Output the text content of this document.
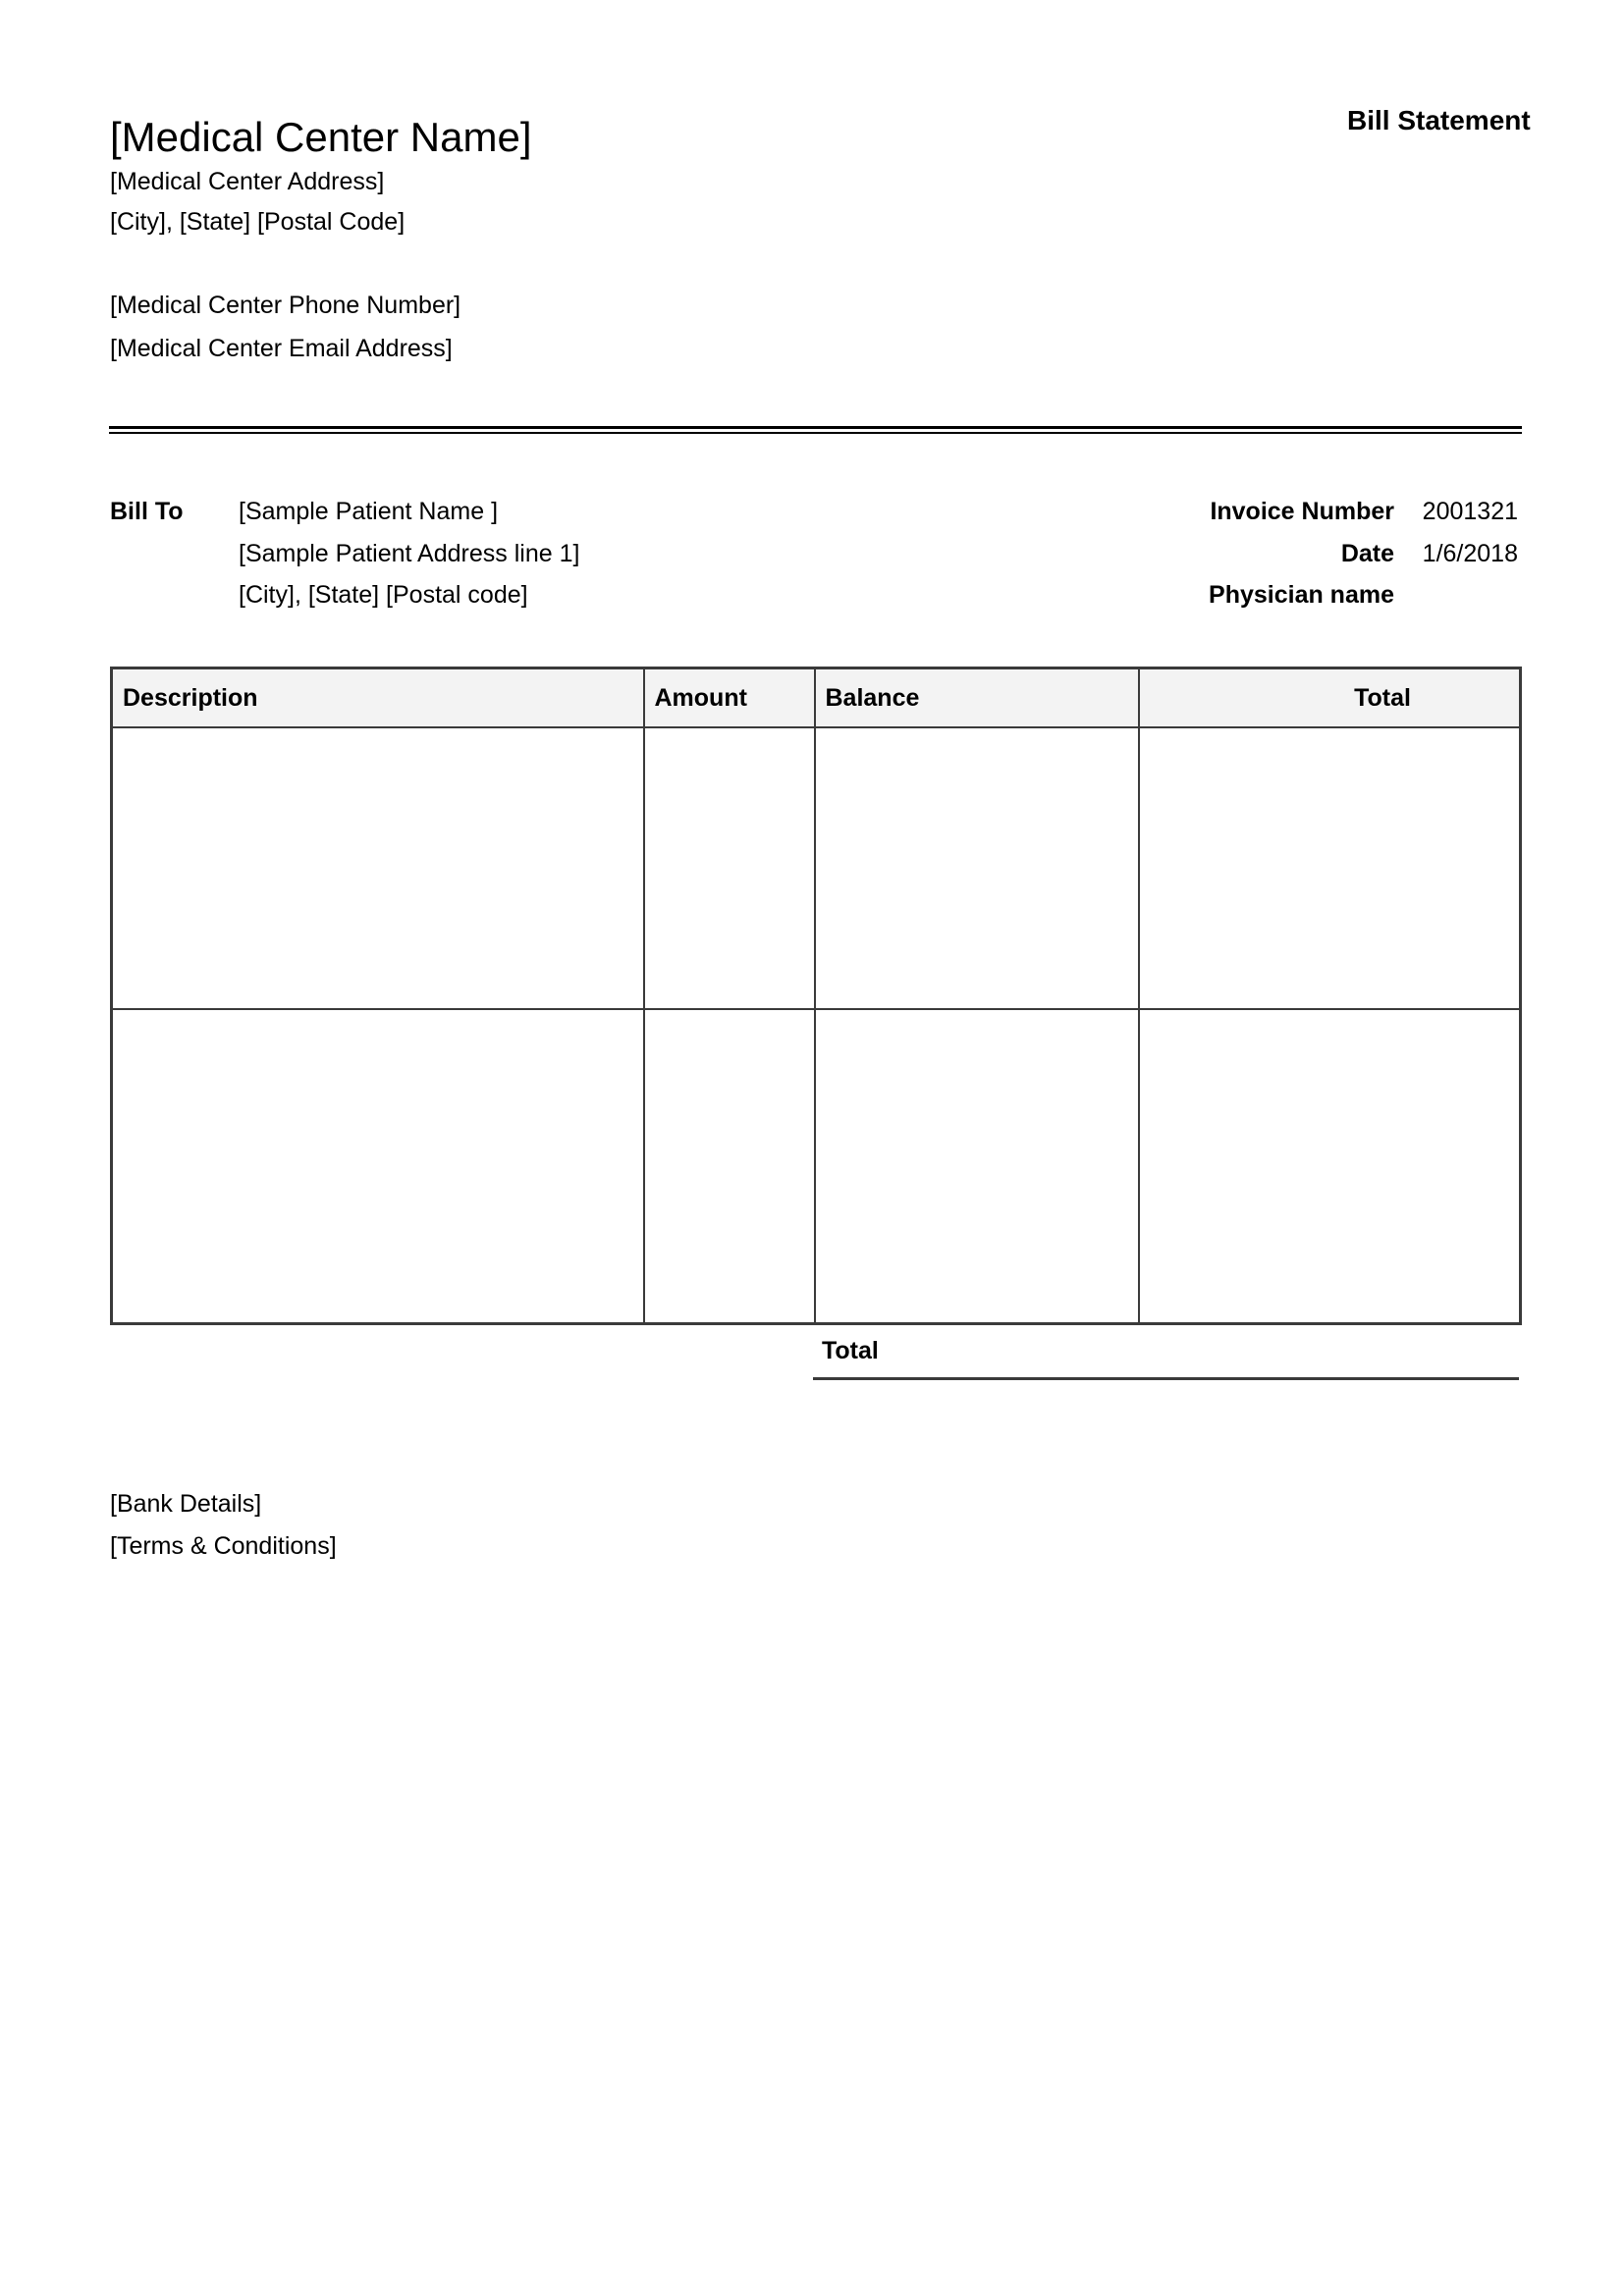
[Medical Center Name]
[Medical Center Address]
[City], [State] [Postal Code]
[Medical Center Phone Number]
[Medical Center Email Address]
Bill Statement
Bill To [Sample Patient Name ]
[Sample Patient Address line 1]
[City], [State] [Postal code]
Invoice Number 2001321
Date 1/6/2018
Physician name
Description	Amount	Balance	Total

Total
[Bank Details]
[Terms & Conditions]
